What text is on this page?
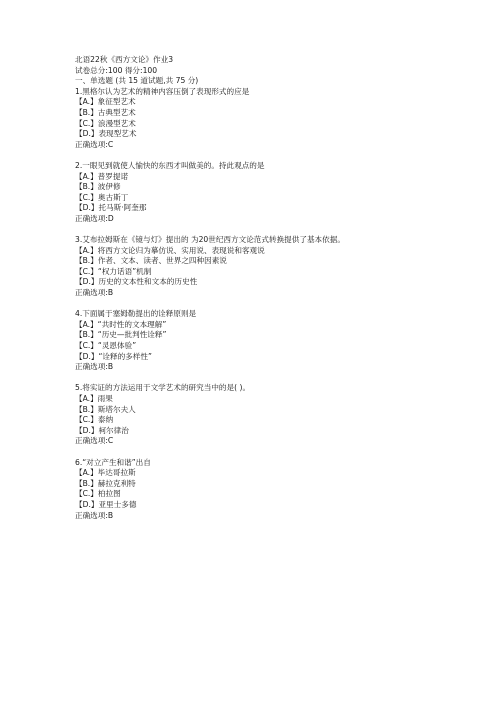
北语22秋《西方文论》作业3
试卷总分:100 得分:100
一、单选题 (共 15 道试题,共 75 分)
1.黑格尔认为艺术的精神内容压倒了表现形式的应是
【A.】象征型艺术
【B.】古典型艺术
【C.】浪漫型艺术
【D.】表现型艺术
正确选项:C
2.一眼见到就使人愉快的东西才叫做美的。持此观点的是
【A.】普罗提诺
【B.】波伊修
【C.】奥古斯丁
【D.】托马斯·阿奎那
正确选项:D
3.艾布拉姆斯在《镜与灯》提出的 为20世纪西方文论范式转换提供了基本依据。
【A.】将西方文论归为摹仿说、实用说、表现说和客观说
【B.】作者、文本、读者、世界之四种因素说
【C.】“权力话语”机制
【D.】历史的文本性和文本的历史性
正确选项:B
4.下面属于塞姆勒提出的诠释原则是
【A.】“共时性的文本理解”
【B.】“历史—批判性诠释”
【C.】“灵恩体验”
【D.】“诠释的多样性”
正确选项:B
5.将实证的方法运用于文学艺术的研究当中的是( )。
【A.】雨果
【B.】斯塔尔夫人
【C.】泰纳
【D.】柯尔律治
正确选项:C
6.“对立产生和谐”出自
【A.】毕达哥拉斯
【B.】赫拉克利特
【C.】柏拉图
【D.】亚里士多德
正确选项:B
